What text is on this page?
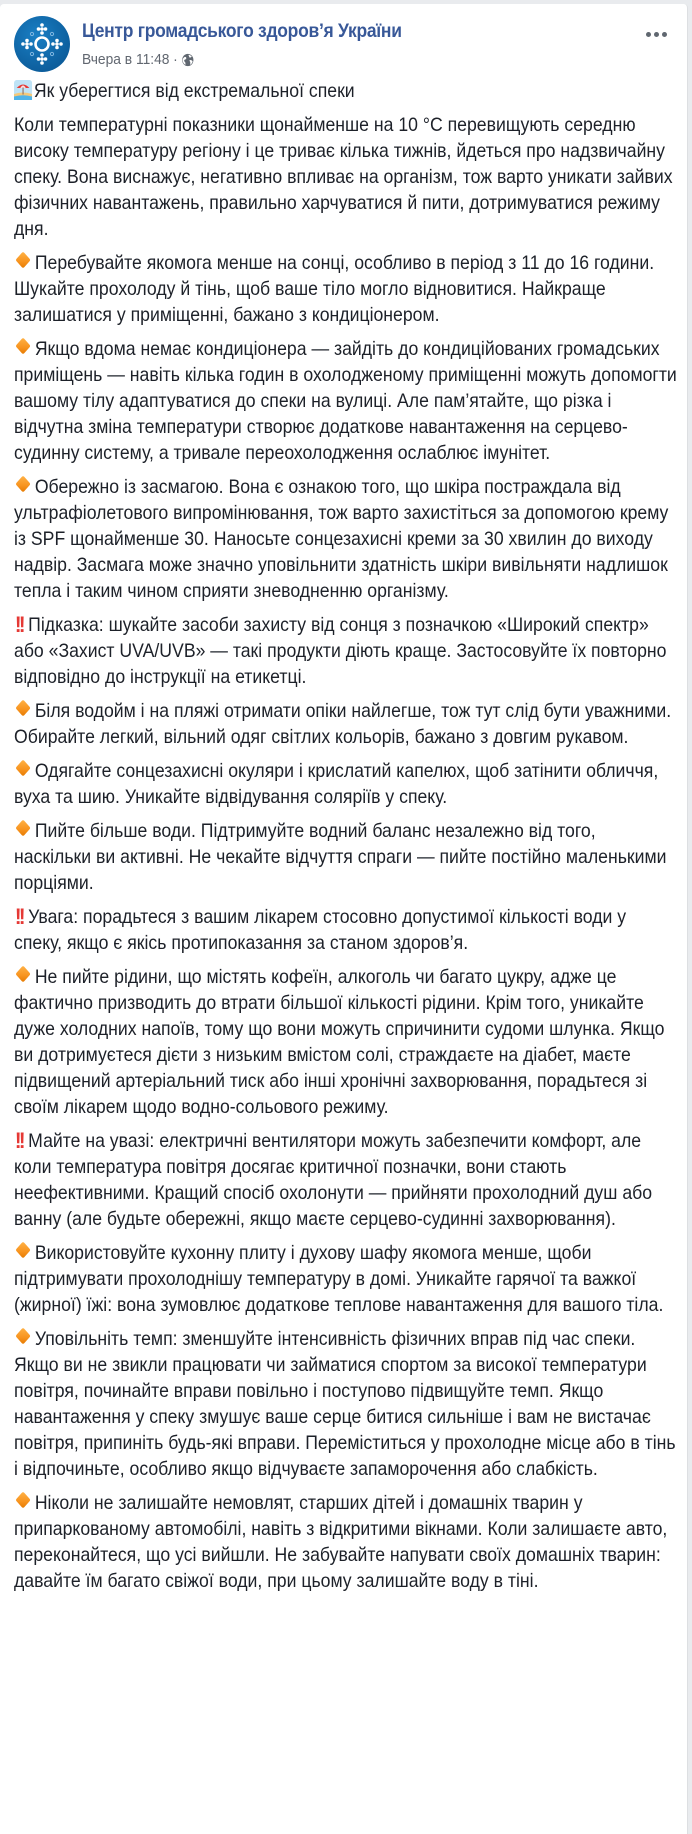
Центр громадського здоров’я України
Вчера в 11:48 ·

Як уберегтися від екстремальної спеки

Коли температурні показники щонайменше на 10 °C перевищують середню високу температуру регіону і це триває кілька тижнів, йдеться про надзвичайну спеку. Вона виснажує, негативно впливає на організм, тож варто уникати зайвих фізичних навантажень, правильно харчуватися й пити, дотримуватися режиму дня.

Перебувайте якомога менше на сонці, особливо в період з 11 до 16 години. Шукайте прохолоду й тінь, щоб ваше тіло могло відновитися. Найкраще залишатися у приміщенні, бажано з кондиціонером.

Якщо вдома немає кондиціонера — зайдіть до кондиційованих громадських приміщень — навіть кілька годин в охолодженому приміщенні можуть допомогти вашому тілу адаптуватися до спеки на вулиці. Але пам’ятайте, що різка і відчутна зміна температури створює додаткове навантаження на серцево-судинну систему, а тривале переохолодження ослаблює імунітет.

Обережно із засмагою. Вона є ознакою того, що шкіра постраждала від ультрафіолетового випромінювання, тож варто захистіться за допомогою крему із SPF щонайменше 30. Наносьте сонцезахисні креми за 30 хвилин до виходу надвір. Засмага може значно уповільнити здатність шкіри вивільняти надлишок тепла і таким чином сприяти зневодненню організму.

!! Підказка: шукайте засоби захисту від сонця з позначкою «Широкий спектр» або «Захист UVA/UVB» — такі продукти діють краще. Застосовуйте їх повторно відповідно до інструкції на етикетці.

Біля водойм і на пляжі отримати опіки найлегше, тож тут слід бути уважними. Обирайте легкий, вільний одяг світлих кольорів, бажано з довгим рукавом.

Одягайте сонцезахисні окуляри і крислатий капелюх, щоб затінити обличчя, вуха та шию. Уникайте відвідування соляріїв у спеку.

Пийте більше води. Підтримуйте водний баланс незалежно від того, наскільки ви активні. Не чекайте відчуття спраги — пийте постійно маленькими порціями.

!! Увага: порадьтеся з вашим лікарем стосовно допустимої кількості води у спеку, якщо є якісь протипоказання за станом здоров’я.

Не пийте рідини, що містять кофеїн, алкоголь чи багато цукру, адже це фактично призводить до втрати більшої кількості рідини. Крім того, уникайте дуже холодних напоїв, тому що вони можуть спричинити судоми шлунка. Якщо ви дотримуєтеся дієти з низьким вмістом солі, страждаєте на діабет, маєте підвищений артеріальний тиск або інші хронічні захворювання, порадьтеся зі своїм лікарем щодо водно-сольового режиму.

!! Майте на увазі: електричні вентилятори можуть забезпечити комфорт, але коли температура повітря досягає критичної позначки, вони стають неефективними. Кращий спосіб охолонути — прийняти прохолодний душ або ванну (але будьте обережні, якщо маєте серцево-судинні захворювання).

Використовуйте кухонну плиту і духову шафу якомога менше, щоби підтримувати прохолоднішу температуру в домі. Уникайте гарячої та важкої (жирної) їжі: вона зумовлює додаткове теплове навантаження для вашого тіла.

Уповільніть темп: зменшуйте інтенсивність фізичних вправ під час спеки. Якщо ви не звикли працювати чи займатися спортом за високої температури повітря, починайте вправи повільно і поступово підвищуйте темп. Якщо навантаження у спеку змушує ваше серце битися сильніше і вам не вистачає повітря, припиніть будь-які вправи. Переміститься у прохолодне місце або в тінь і відпочиньте, особливо якщо відчуваєте запаморочення або слабкість.

Ніколи не залишайте немовлят, старших дітей і домашніх тварин у припаркованому автомобілі, навіть з відкритими вікнами. Коли залишаєте авто, переконайтеся, що усі вийшли. Не забувайте напувати своїх домашніх тварин: давайте їм багато свіжої води, при цьому залишайте воду в тіні.
